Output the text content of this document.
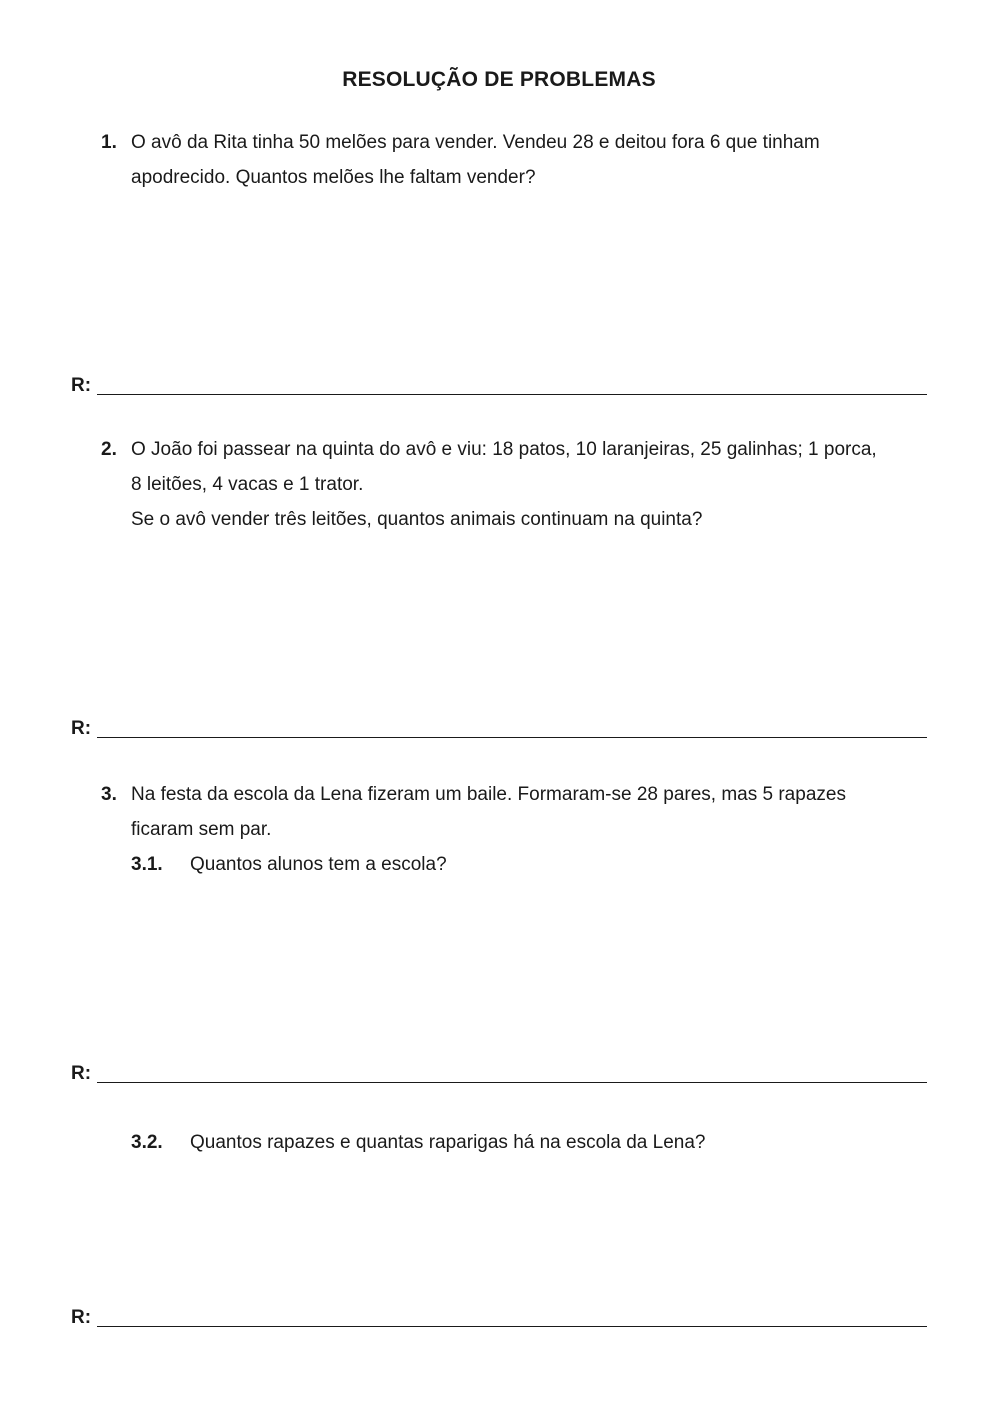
RESOLUÇÃO DE PROBLEMAS
1. O avô da Rita tinha 50 melões para vender. Vendeu 28 e deitou fora 6 que tinham
apodrecido. Quantos melões lhe faltam vender?
R:
2. O João foi passear na quinta do avô e viu: 18 patos, 10 laranjeiras, 25 galinhas; 1 porca,
8 leitões, 4 vacas e 1 trator.
Se o avô vender três leitões, quantos animais continuam na quinta?
R:
3. Na festa da escola da Lena fizeram um baile. Formaram-se 28 pares, mas 5 rapazes
ficaram sem par.
3.1. Quantos alunos tem a escola?
R:
3.2. Quantos rapazes e quantas raparigas há na escola da Lena?
R:
